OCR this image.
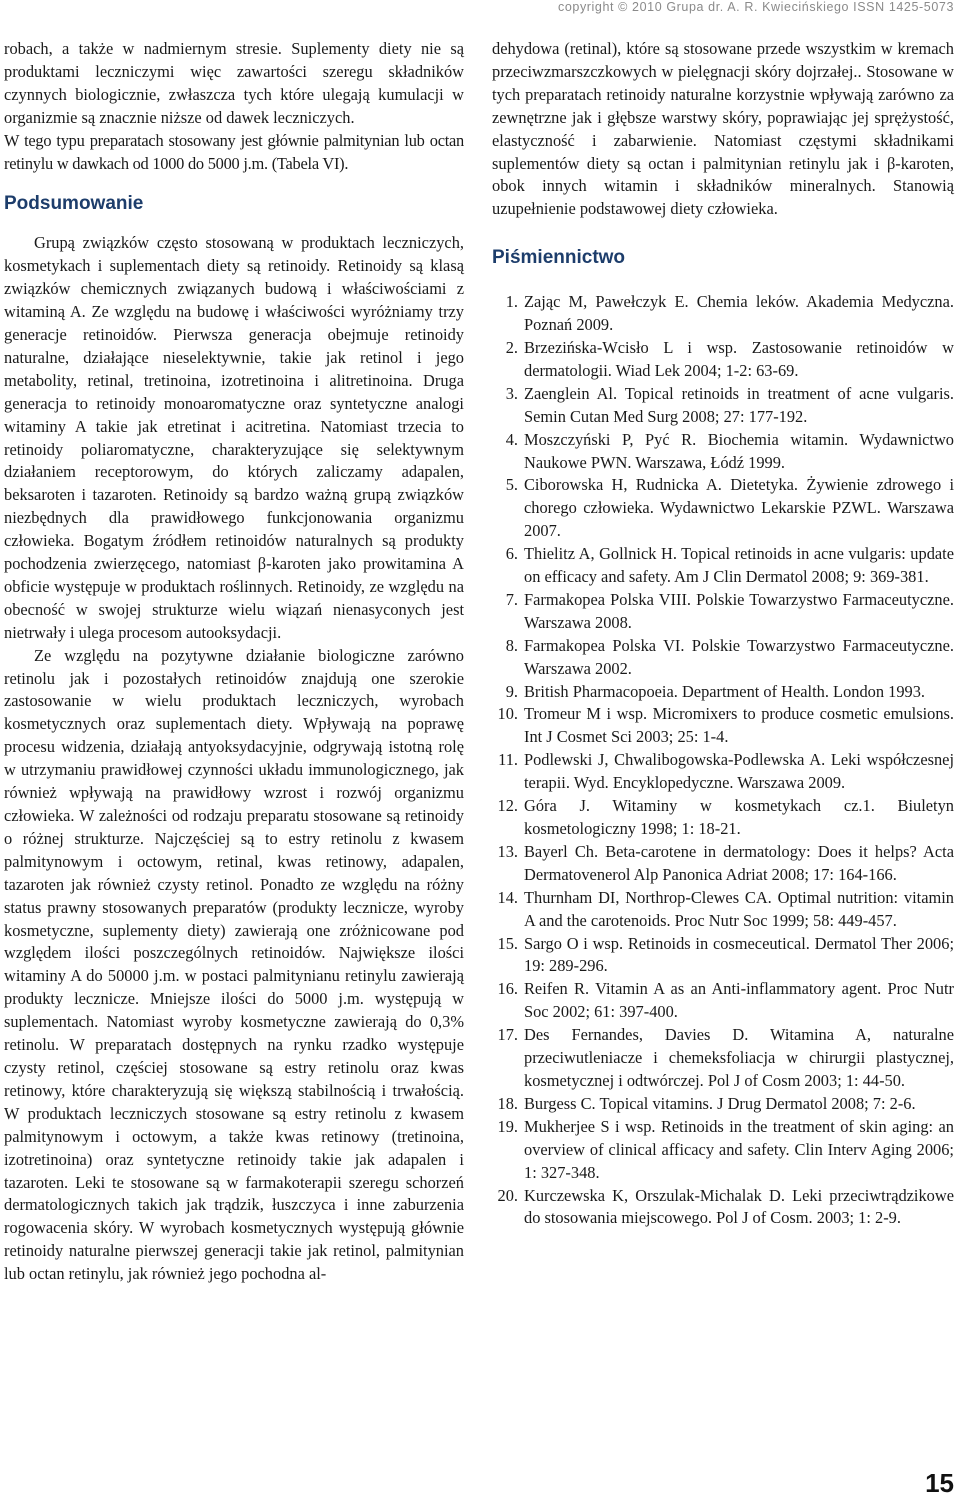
copyright © 2010 Grupa dr. A. R. Kwiecińskiego ISSN 1425-5073

robach, a także w nadmiernym stresie. Suplementy diety nie są produktami leczniczymi więc zawartości szeregu składników czynnych biologicznie, zwłaszcza tych które ulegają kumulacji w organizmie są znacznie niższe od dawek leczniczych.

W tego typu preparatach stosowany jest głównie palmitynian lub octan retinylu w dawkach od 1000 do 5000 j.m. (Tabela VI).

Podsumowanie

Grupą związków często stosowaną w produktach leczniczych, kosmetykach i suplementach diety są retinoidy. Retinoidy są klasą związków chemicznych związanych budową i właściwościami z witaminą A. Ze względu na budowę i właściwości wyróżniamy trzy generacje retinoidów. Pierwsza generacja obejmuje retinoidy naturalne, działające nieselektywnie, takie jak retinol i jego metabolity, retinal, tretinoina, izotretinoina i alitretinoina. Druga generacja to retinoidy monoaromatyczne oraz syntetyczne analogi witaminy A takie jak etretinat i acitretina. Natomiast trzecia to retinoidy poliaromatyczne, charakteryzujące się selektywnym działaniem receptorowym, do których zaliczamy adapalen, beksaroten i tazaroten. Retinoidy są bardzo ważną grupą związków niezbędnych dla prawidłowego funkcjonowania organizmu człowieka. Bogatym źródłem retinoidów naturalnych są produkty pochodzenia zwierzęcego, natomiast β-karoten jako prowitamina A obficie występuje w produktach roślinnych. Retinoidy, ze względu na obecność w swojej strukturze wielu wiązań nienasyconych jest nietrwały i ulega procesom autooksydacji.

Ze względu na pozytywne działanie biologiczne zarówno retinolu jak i pozostałych retinoidów znajdują one szerokie zastosowanie w wielu produktach leczniczych, wyrobach kosmetycznych oraz suplementach diety. Wpływają na poprawę procesu widzenia, działają antyoksydacyjnie, odgrywają istotną rolę w utrzymaniu prawidłowej czynności układu immunologicznego, jak również wpływają na prawidłowy wzrost i rozwój organizmu człowieka. W zależności od rodzaju preparatu stosowane są retinoidy o różnej strukturze. Najczęściej są to estry retinolu z kwasem palmitynowym i octowym, retinal, kwas retinowy, adapalen, tazaroten jak również czysty retinol. Ponadto ze względu na różny status prawny stosowanych preparatów (produkty lecznicze, wyroby kosmetyczne, suplementy diety) zawierają one zróżnicowane pod względem ilości poszczególnych retinoidów. Największe ilości witaminy A do 50000 j.m. w postaci palmitynianu retinylu zawierają produkty lecznicze. Mniejsze ilości do 5000 j.m. występują w suplementach. Natomiast wyroby kosmetyczne zawierają do 0,3% retinolu. W preparatach dostępnych na rynku rzadko występuje czysty retinol, częściej stosowane są estry retinolu oraz kwas retinowy, które charakteryzują się większą stabilnością i trwałością. W produktach leczniczych stosowane są estry retinolu z kwasem palmitynowym i octowym, a także kwas retinowy (tretinoina, izotretinoina) oraz syntetyczne retinoidy takie jak adapalen i tazaroten. Leki te stosowane są w farmakoterapii szeregu schorzeń dermatologicznych takich jak trądzik, łuszczyca i inne zaburzenia rogowacenia skóry. W wyrobach kosmetycznych występują głównie retinoidy naturalne pierwszej generacji takie jak retinol, palmitynian lub octan retinylu, jak również jego pochodna al-

dehydowa (retinal), które są stosowane przede wszystkim w kremach przeciwzmarszczkowych w pielęgnacji skóry dojrzałej.. Stosowane w tych preparatach retinoidy naturalne korzystnie wpływają zarówno za zewnętrzne jak i głębsze warstwy skóry, poprawiając jej sprężystość, elastyczność i zabarwienie. Natomiast częstymi składnikami suplementów diety są octan i palmitynian retinylu jak i β-karoten, obok innych witamin i składników mineralnych. Stanowią uzupełnienie podstawowej diety człowieka.

Piśmiennictwo
1. Zając M, Pawełczyk E. Chemia leków. Akademia Medyczna. Poznań 2009.
2. Brzezińska-Wcisło L i wsp. Zastosowanie retinoidów w dermatologii. Wiad Lek 2004; 1-2: 63-69.
3. Zaenglein Al. Topical retinoids in treatment of acne vulgaris. Semin Cutan Med Surg 2008; 27: 177-192.
4. Moszczyński P, Pyć R. Biochemia witamin. Wydawnictwo Naukowe PWN. Warszawa, Łódź 1999.
5. Ciborowska H, Rudnicka A. Dietetyka. Żywienie zdrowego i chorego człowieka. Wydawnictwo Lekarskie PZWL. Warszawa 2007.
6. Thielitz A, Gollnick H. Topical retinoids in acne vulgaris: update on efficacy and safety. Am J Clin Dermatol 2008; 9: 369-381.
7. Farmakopea Polska VIII. Polskie Towarzystwo Farmaceutyczne. Warszawa 2008.
8. Farmakopea Polska VI. Polskie Towarzystwo Farmaceutyczne. Warszawa 2002.
9. British Pharmacopoeia. Department of Health. London 1993.
10. Tromeur M i wsp. Micromixers to produce cosmetic emulsions. Int J Cosmet Sci 2003; 25: 1-4.
11. Podlewski J, Chwalibogowska-Podlewska A. Leki współczesnej terapii. Wyd. Encyklopedyczne. Warszawa 2009.
12. Góra J. Witaminy w kosmetykach cz.1. Biuletyn kosmetologiczny 1998; 1: 18-21.
13. Bayerl Ch. Beta-carotene in dermatology: Does it helps? Acta Dermatovenerol Alp Panonica Adriat 2008; 17: 164-166.
14. Thurnham DI, Northrop-Clewes CA. Optimal nutrition: vitamin A and the carotenoids. Proc Nutr Soc 1999; 58: 449-457.
15. Sargo O i wsp. Retinoids in cosmeceutical. Dermatol Ther 2006; 19: 289-296.
16. Reifen R. Vitamin A as an Anti-inflammatory agent. Proc Nutr Soc 2002; 61: 397-400.
17. Des Fernandes, Davies D. Witamina A, naturalne przeciwutleniacze i chemeksfoliacja w chirurgii plastycznej, kosmetycznej i odtwórczej. Pol J of Cosm 2003; 1: 44-50.
18. Burgess C. Topical vitamins. J Drug Dermatol 2008; 7: 2-6.
19. Mukherjee S i wsp. Retinoids in the treatment of skin aging: an overview of clinical afficacy and safety. Clin Interv Aging 2006; 1: 327-348.
20. Kurczewska K, Orszulak-Michalak D. Leki przeciwtrądzikowe do stosowania miejscowego. Pol J of Cosm. 2003; 1: 2-9.
15
